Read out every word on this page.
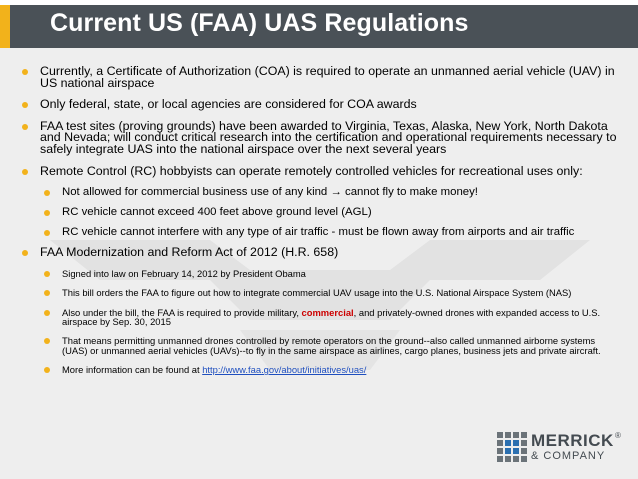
Current US (FAA) UAS Regulations
Currently, a Certificate of Authorization (COA) is required to operate an unmanned aerial vehicle (UAV) in US national airspace
Only federal, state, or local agencies are considered for COA awards
FAA test sites (proving grounds) have been awarded to Virginia, Texas, Alaska, New York, North Dakota and Nevada; will conduct critical research into the certification and operational requirements necessary to safely integrate UAS into the national airspace over the next several years
Remote Control (RC) hobbyists can operate remotely controlled vehicles for recreational uses only:
Not allowed for commercial business use of any kind → cannot fly to make money!
RC vehicle cannot exceed 400 feet above ground level (AGL)
RC vehicle cannot interfere with any type of air traffic - must be flown away from airports and air traffic
FAA Modernization and Reform Act of 2012 (H.R. 658)
Signed into law on February 14, 2012 by President Obama
This bill orders the FAA to figure out how to integrate commercial UAV usage into the U.S. National Airspace System (NAS)
Also under the bill, the FAA is required to provide military, commercial, and privately-owned drones with expanded access to U.S. airspace by Sep. 30, 2015
That means permitting unmanned drones controlled by remote operators on the ground--also called unmanned airborne systems (UAS) or unmanned aerial vehicles (UAVs)--to fly in the same airspace as airlines, cargo planes, business jets and private aircraft.
More information can be found at http://www.faa.gov/about/initiatives/uas/
MERRICK ®
& COMPANY
